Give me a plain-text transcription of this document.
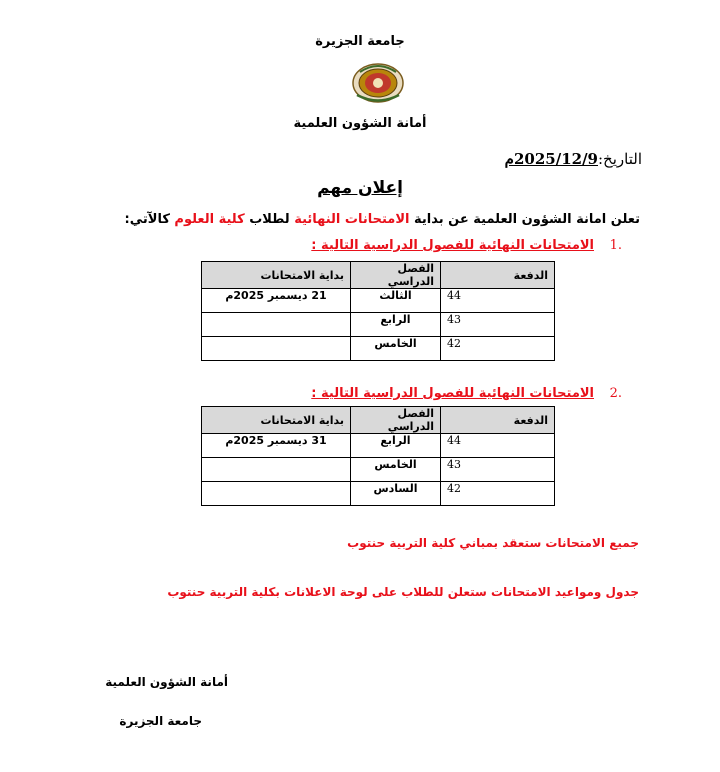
جامعة الجزيرة
أمانة الشؤون العلمية
التاريخ:2025/12/9م
إعلان مهم
تعلن امانة الشؤون العلمية عن بداية الامتحانات النهائية لطلاب كلية العلوم كالآتي:
1.
الامتحانات النهائية للفصول الدراسية التالية :
الدفعة	الفصل الدراسي	بداية الامتحانات
44	الثالث	21 ديسمبر 2025م
43	الرابع	
42	الخامس	
2.
الامتحانات النهائية للفصول الدراسية التالية :
الدفعة	الفصل الدراسي	بداية الامتحانات
44	الرابع	31 ديسمبر 2025م
43	الخامس	
42	السادس	
جميع الامتحانات ستعقد بمباني كلية التربية حنتوب
جدول ومواعيد الامتحانات ستعلن للطلاب على لوحة الاعلانات بكلية التربية حنتوب
أمانة الشؤون العلمية
جامعة الجزيرة
